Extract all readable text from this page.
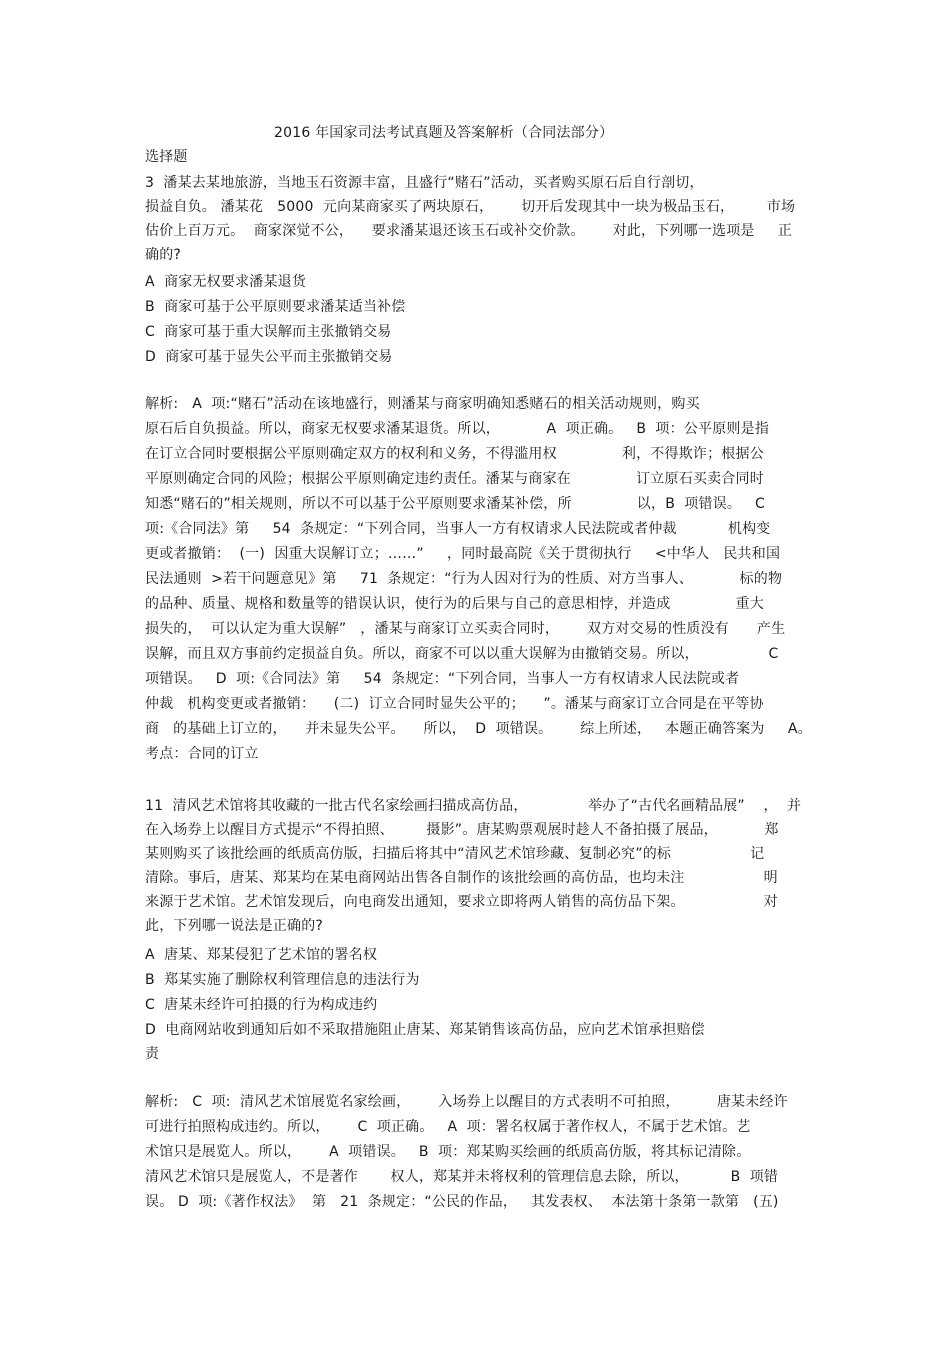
2016 年国家司法考试真题及答案解析（合同法部分）
选择题
3  潘某去某地旅游，当地玉石资源丰富，且盛行“赌石”活动，买者购买原石后自行剖切，
损益自负。 潘某花   5000  元向某商家买了两块原石，      切开后发现其中一块为极品玉石，       市场
估价上百万元。  商家深觉不公，    要求潘某退还该玉石或补交价款。      对此，下列哪一选项是     正
确的?
A  商家无权要求潘某退货
B  商家可基于公平原则要求潘某适当补偿
C  商家可基于重大误解而主张撤销交易
D  商家可基于显失公平而主张撤销交易
解析:   A  项:“赌石”活动在该地盛行，则潘某与商家明确知悉赌石的相关活动规则，购买
原石后自负损益。所以，商家无权要求潘某退货。所以，          A  项正确。   B  项：公平原则是指
在订立合同时要根据公平原则确定双方的权利和义务，不得滥用权              利，不得欺诈；根据公
平原则确定合同的风险；根据公平原则确定违约责任。潘某与商家在              订立原石买卖合同时
知悉“赌石的”相关规则，所以不可以基于公平原则要求潘某补偿，所              以，B  项错误。   C
项:《合同法》第     54  条规定：“下列合同，当事人一方有权请求人民法院或者仲裁           机构变
更或者撤销：  (一)  因重大误解订立；……”     ，同时最高院《关于贯彻执行     <中华人   民共和国
民法通则  >若干问题意见》第     71  条规定：“行为人因对行为的性质、对方当事人、          标的物
的品种、质量、规格和数量等的错误认识，使行为的后果与自己的意思相悖，并造成              重大
损失的，  可以认定为重大误解”   ，潘某与商家订立买卖合同时，      双方对交易的性质没有      产生
误解，而且双方事前约定损益自负。所以，商家不可以以重大误解为由撤销交易。所以，               C
项错误。   D  项:《合同法》第     54  条规定：“下列合同，当事人一方有权请求人民法院或者
仲裁   机构变更或者撤销：    (二)  订立合同时显失公平的；    ”。潘某与商家订立合同是在平等协
商   的基础上订立的，    并未显失公平。    所以，  D  项错误。      综上所述，   本题正确答案为     A。
考点：合同的订立
11  清风艺术馆将其收藏的一批古代名家绘画扫描成高仿品，             举办了“古代名画精品展”    ，  并
在入场券上以醒目方式提示“不得拍照、       摄影”。唐某购票观展时趁人不备拍摄了展品，          郑
某则购买了该批绘画的纸质高仿版，扫描后将其中“清风艺术馆珍藏、复制必究”的标                 记
清除。事后，唐某、郑某均在某电商网站出售各自制作的该批绘画的高仿品，也均未注                 明
来源于艺术馆。艺术馆发现后，向电商发出通知，要求立即将两人销售的高仿品下架。                 对
此，下列哪一说法是正确的?
A  唐某、郑某侵犯了艺术馆的署名权
B  郑某实施了删除权利管理信息的违法行为
C  唐某未经许可拍摄的行为构成违约
D  电商网站收到通知后如不采取措施阻止唐某、郑某销售该高仿品，应向艺术馆承担赔偿
责
解析:   C  项:  清风艺术馆展览名家绘画，      入场券上以醒目的方式表明不可拍照，        唐某未经许
可进行拍照构成违约。所以，      C  项正确。   A  项：署名权属于著作权人，不属于艺术馆。艺
术馆只是展览人。所以，      A  项错误。   B  项：郑某购买绘画的纸质高仿版，将其标记清除。
清风艺术馆只是展览人，不是著作       权人，郑某并未将权利的管理信息去除，所以，         B  项错
误。 D  项:《著作权法》  第   21  条规定：“公民的作品，   其发表权、  本法第十条第一款第   (五)
